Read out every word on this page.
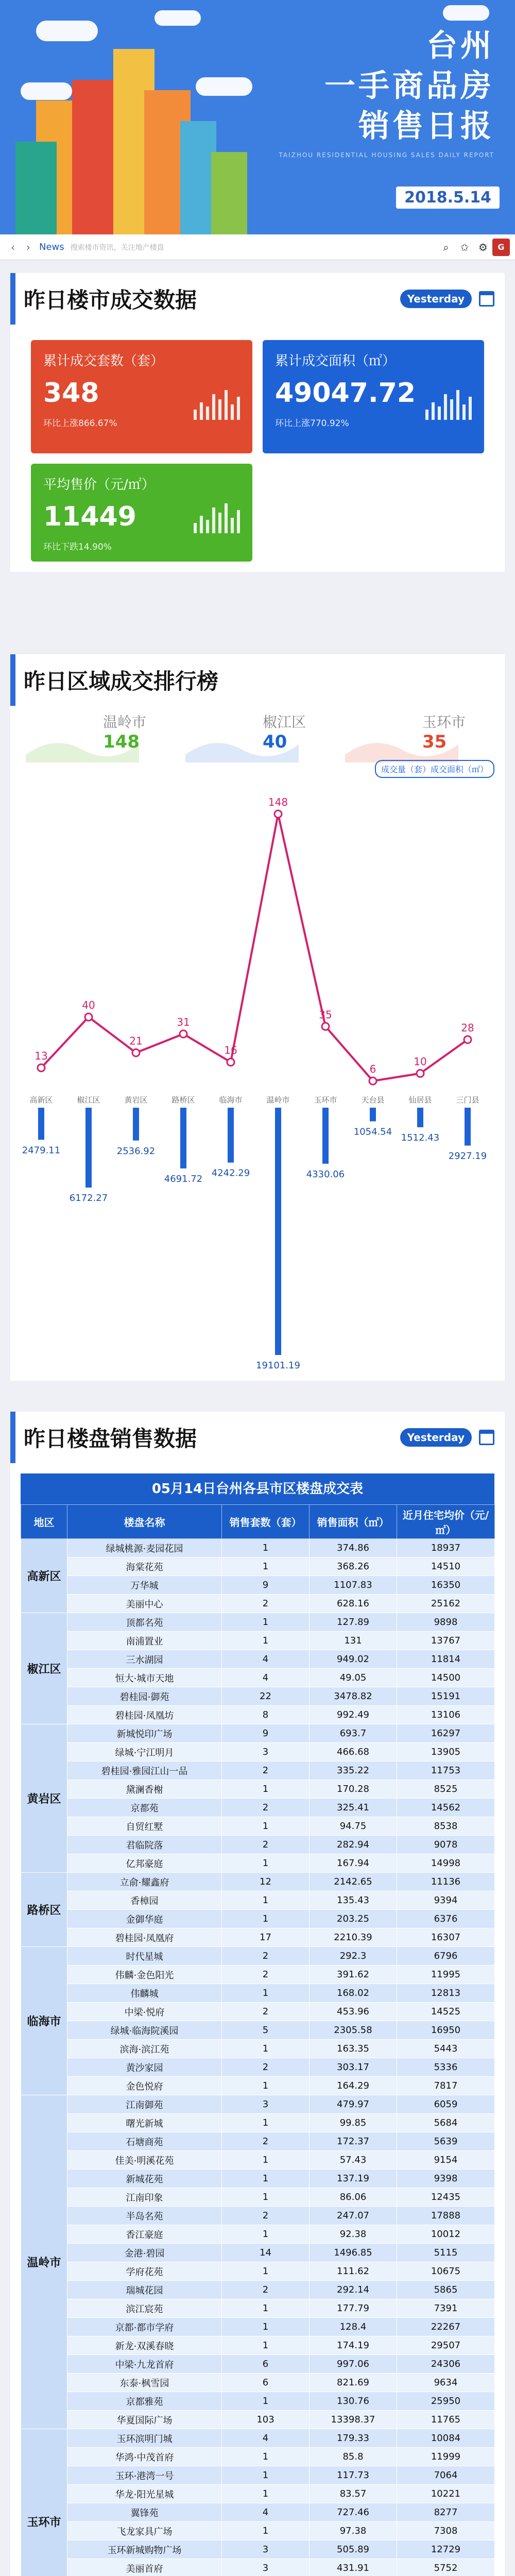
台州
一手商品房
销售日报
TAIZHOU RESIDENTIAL HOUSING SALES DAILY REPORT
2018.5.14
‹	› News 搜索楼市资讯，关注地产楼盘	⌕	✩ ⚙	G
昨日楼市成交数据	Yesterday
累计成交套数（套）
348
环比上涨866.67%
累计成交面积（㎡）
49047.72
环比上涨770.92%
平均售价（元/㎡）
11449
环比下跌14.90%
昨日区域成交排行榜
温岭市
148
椒江区
40
玉环市
35
成交量（套）成交面积（㎡）
13
40
21
31
16
148
35
6
10
28
高新区	椒江区	黄岩区	路桥区	临海市	温岭市	玉环市	天台县	仙居县	三门县
2479.11
6172.27
2536.92
4691.72
4242.29
19101.19
4330.06
1054.54
1512.43
2927.19
昨日楼盘销售数据	Yesterday
05月14日台州各县市区楼盘成交表
地区	楼盘名称	销售套数（套）	销售面积（㎡）	近月住宅均价（元/㎡）
高新区	绿城桃源·麦园花园	1	374.86	18937
	海棠花苑	1	368.26	14510
	万华城	9	1107.83	16350
	美丽中心	2	628.16	25162
椒江区	顶都名苑	1	127.89	9898
	南浦置业	1	131	13767
	三水湖园	4	949.02	11814
	恒大·城市天地	4	49.05	14500
	碧桂园·御苑	22	3478.82	15191
	碧桂园·凤凰坊	8	992.49	13106
黄岩区	新城悦印广场	9	693.7	16297
	绿城·宁江明月	3	466.68	13905
	碧桂园·雅园江山一品	2	335.22	11753
	黛澜香榭	1	170.28	8525
	京都苑	2	325.41	14562
	自贸红墅	1	94.75	8538
	君临院落	2	282.94	9078
	亿邦豪庭	1	167.94	14998
路桥区	立俞·耀鑫府	12	2142.65	11136
	香樟园	1	135.43	9394
	金御华庭	1	203.25	6376
	碧桂园·凤凰府	17	2210.39	16307
临海市	时代星城	2	292.3	6796
	伟麟·金色阳光	2	391.62	11995
	伟麟城	1	168.02	12813
	中梁·悦府	2	453.96	14525
	绿城·临海院溪园	5	2305.58	16950
	滨海·滨江苑	1	163.35	5443
	黄沙家园	2	303.17	5336
	金色悦府	1	164.29	7817
温岭市	江南御苑	3	479.97	6059
	曙光新城	1	99.85	5684
	石塘商苑	2	172.37	5639
	佳美·明溪花苑	1	57.43	9154
	新城花苑	1	137.19	9398
	江南印象	1	86.06	12435
	半岛名苑	2	247.07	17888
	香江豪庭	1	92.38	10012
	金港·碧园	14	1496.85	5115
	学府花苑	1	111.62	10675
	瑞城花园	2	292.14	5865
	滨江宸苑	1	177.79	7391
	京都·都市学府	1	128.4	22267
	新龙·双溪春晓	1	174.19	29507
	中梁·九龙首府	6	997.06	24306
	东泰·枫雪园	6	821.69	9634
	京都雅苑	1	130.76	25950
	华夏国际广场	103	13398.37	11765
玉环市	玉环滨明门城	4	179.33	10084
	华鸿·中茂首府	1	85.8	11999
	玉环·港湾一号	1	117.73	7064
	华龙·阳光星城	1	83.57	10221
	翼锋苑	4	727.46	8277
	飞龙家具广场	1	97.38	7308
	玉环新城购物广场	3	505.89	12729
	美丽首府	3	431.91	5752
